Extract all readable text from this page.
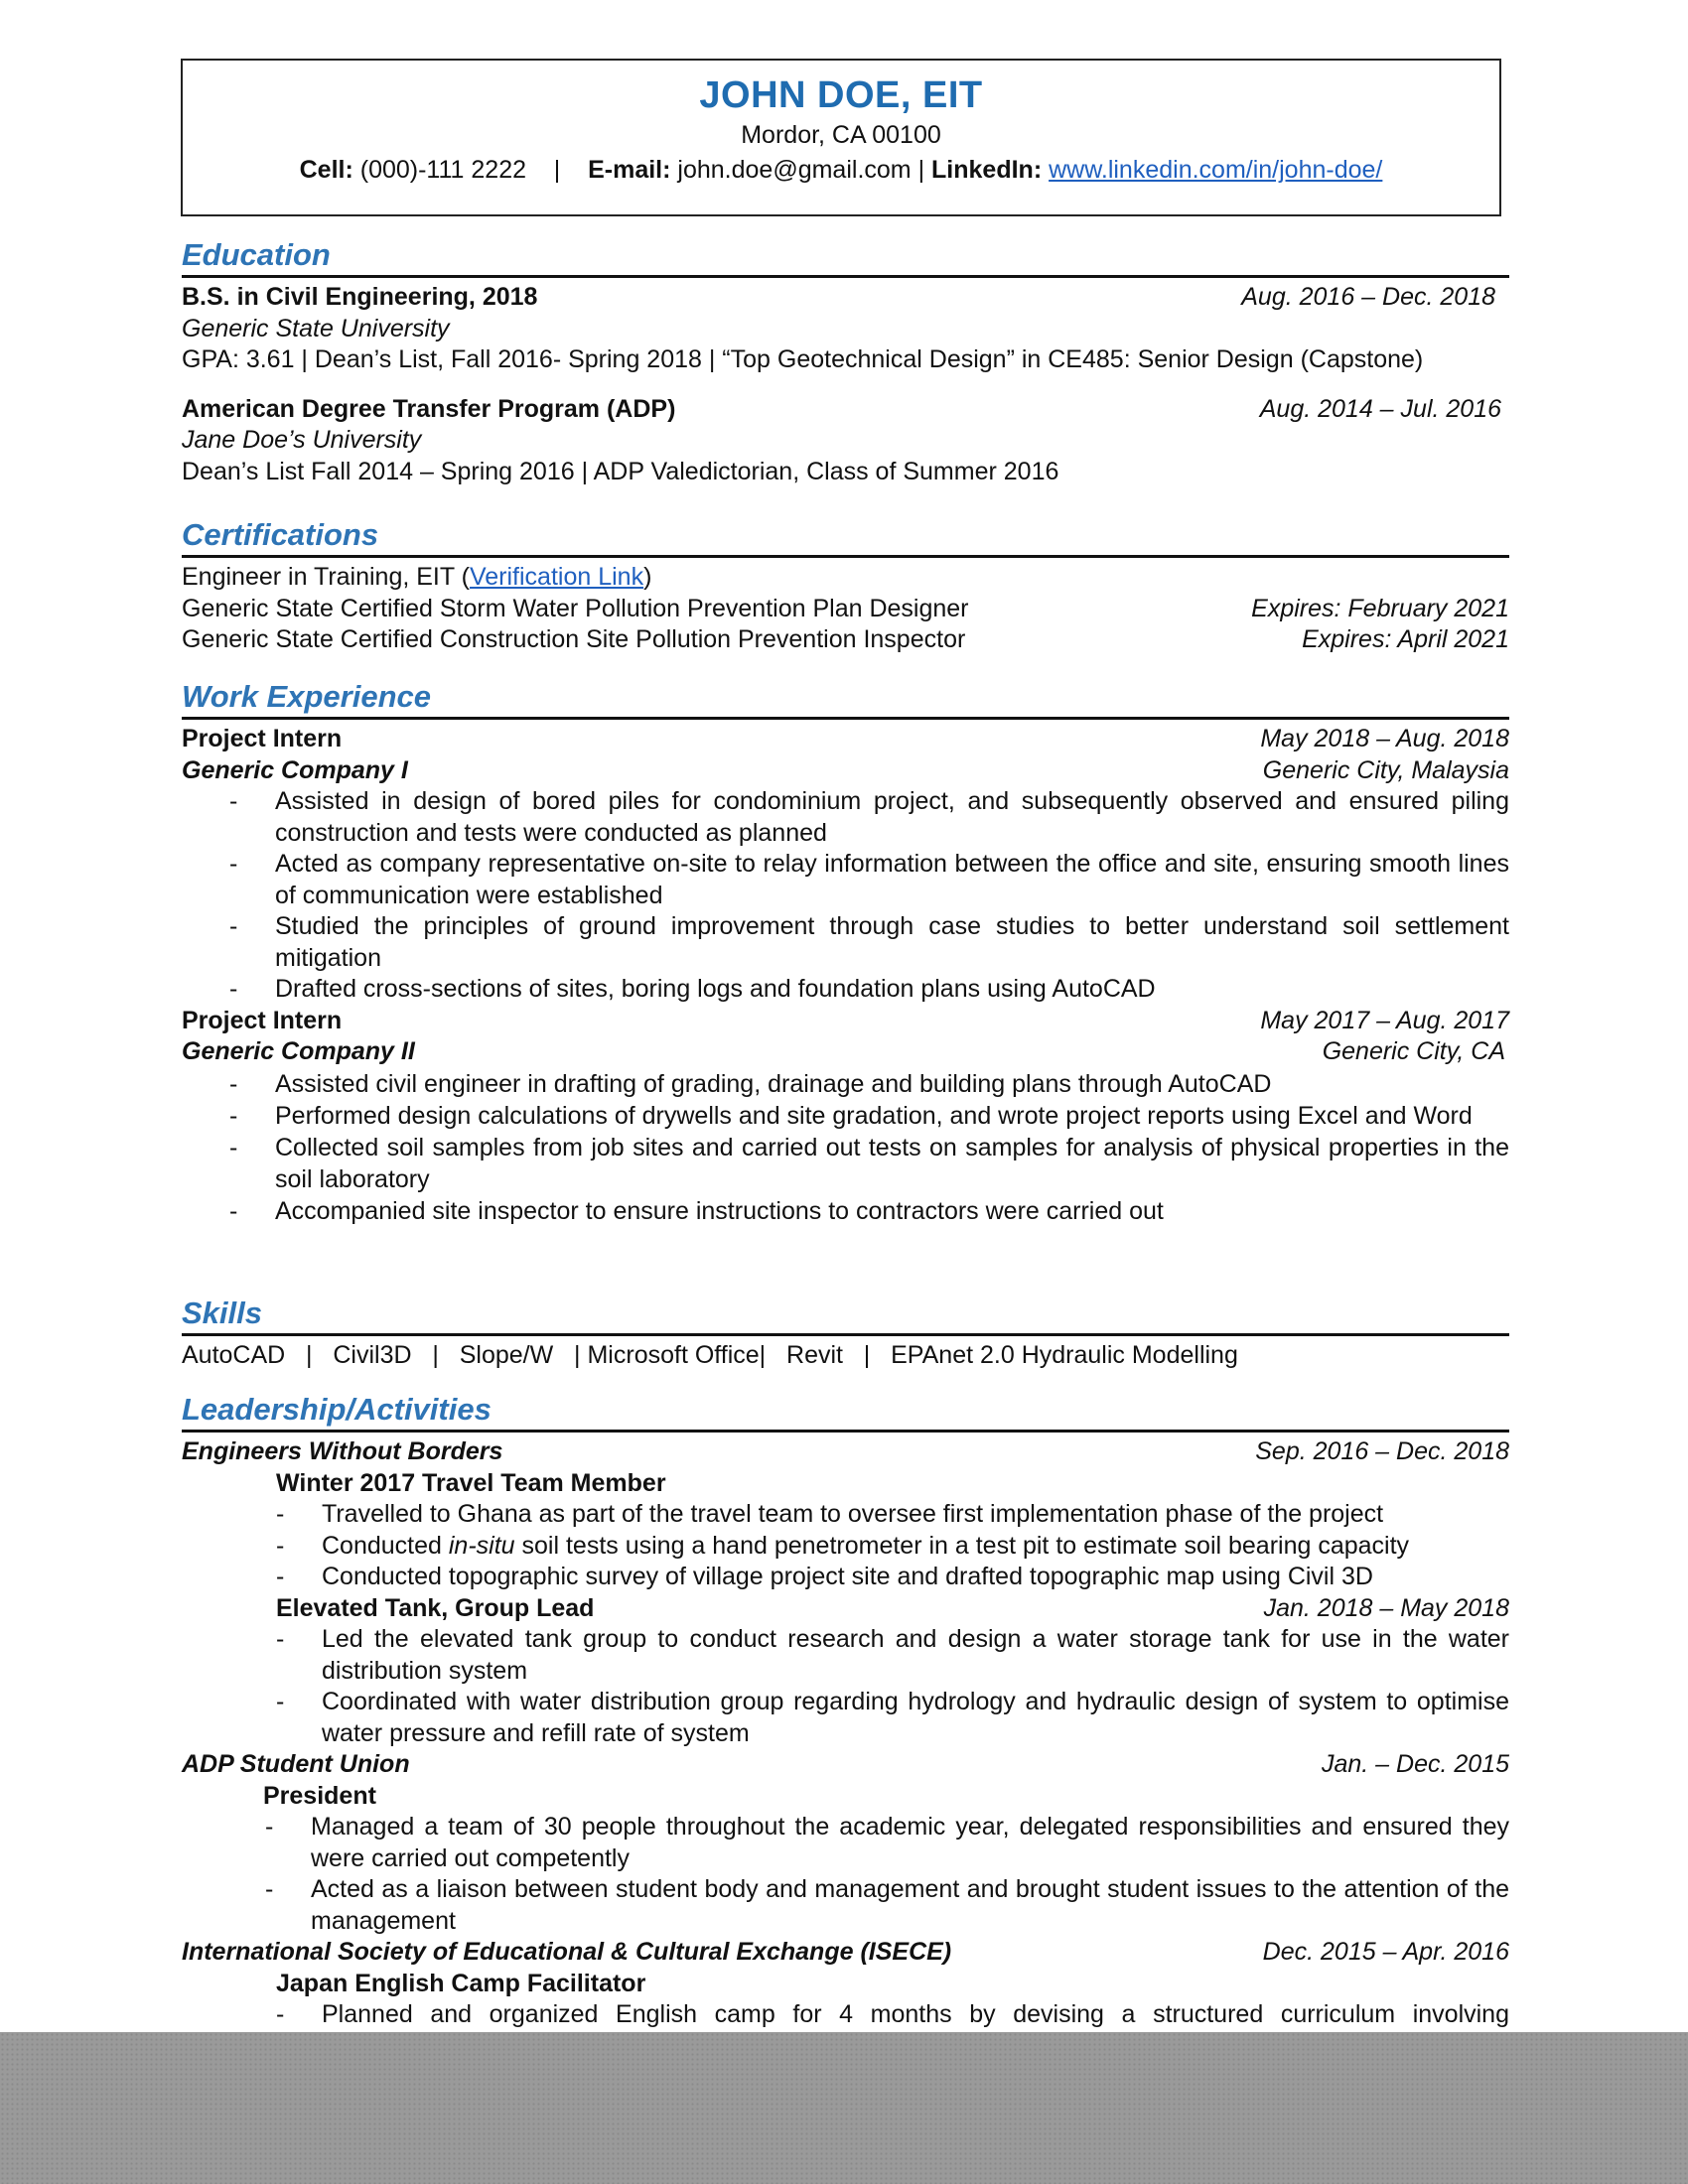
JOHN DOE, EIT
Mordor, CA 00100
Cell: (000)-111 2222 | E-mail: john.doe@gmail.com | LinkedIn: www.linkedin.com/in/john-doe/
Education
B.S. in Civil Engineering, 2018	Aug. 2016 – Dec. 2018
Generic State University
GPA: 3.61 | Dean’s List, Fall 2016- Spring 2018 | “Top Geotechnical Design” in CE485: Senior Design (Capstone)
American Degree Transfer Program (ADP)	Aug. 2014 – Jul. 2016
Jane Doe’s University
Dean’s List Fall 2014 – Spring 2016 | ADP Valedictorian, Class of Summer 2016
Certifications
Engineer in Training, EIT (Verification Link)
Generic State Certified Storm Water Pollution Prevention Plan Designer	Expires: February 2021
Generic State Certified Construction Site Pollution Prevention Inspector	Expires: April 2021
Work Experience
Project Intern	May 2018 – Aug. 2018
Generic Company I	Generic City, Malaysia
- Assisted in design of bored piles for condominium project, and subsequently observed and ensured piling construction and tests were conducted as planned
- Acted as company representative on-site to relay information between the office and site, ensuring smooth lines of communication were established
- Studied the principles of ground improvement through case studies to better understand soil settlement mitigation
- Drafted cross-sections of sites, boring logs and foundation plans using AutoCAD
Project Intern	May 2017 – Aug. 2017
Generic Company II	Generic City, CA
- Assisted civil engineer in drafting of grading, drainage and building plans through AutoCAD
- Performed design calculations of drywells and site gradation, and wrote project reports using Excel and Word
- Collected soil samples from job sites and carried out tests on samples for analysis of physical properties in the soil laboratory
- Accompanied site inspector to ensure instructions to contractors were carried out
Skills
AutoCAD   |   Civil3D   |   Slope/W   | Microsoft Office|   Revit   |   EPAnet 2.0 Hydraulic Modelling
Leadership/Activities
Engineers Without Borders	Sep. 2016 – Dec. 2018
Winter 2017 Travel Team Member
- Travelled to Ghana as part of the travel team to oversee first implementation phase of the project
- Conducted in-situ soil tests using a hand penetrometer in a test pit to estimate soil bearing capacity
- Conducted topographic survey of village project site and drafted topographic map using Civil 3D
Elevated Tank, Group Lead	Jan. 2018 – May 2018
- Led the elevated tank group to conduct research and design a water storage tank for use in the water distribution system
- Coordinated with water distribution group regarding hydrology and hydraulic design of system to optimise water pressure and refill rate of system
ADP Student Union	Jan. – Dec. 2015
President
- Managed a team of 30 people throughout the academic year, delegated responsibilities and ensured they were carried out competently
- Acted as a liaison between student body and management and brought student issues to the attention of the management
International Society of Educational & Cultural Exchange (ISECE)	Dec. 2015 – Apr. 2016
Japan English Camp Facilitator
- Planned and organized English camp for 4 months by devising a structured curriculum involving
